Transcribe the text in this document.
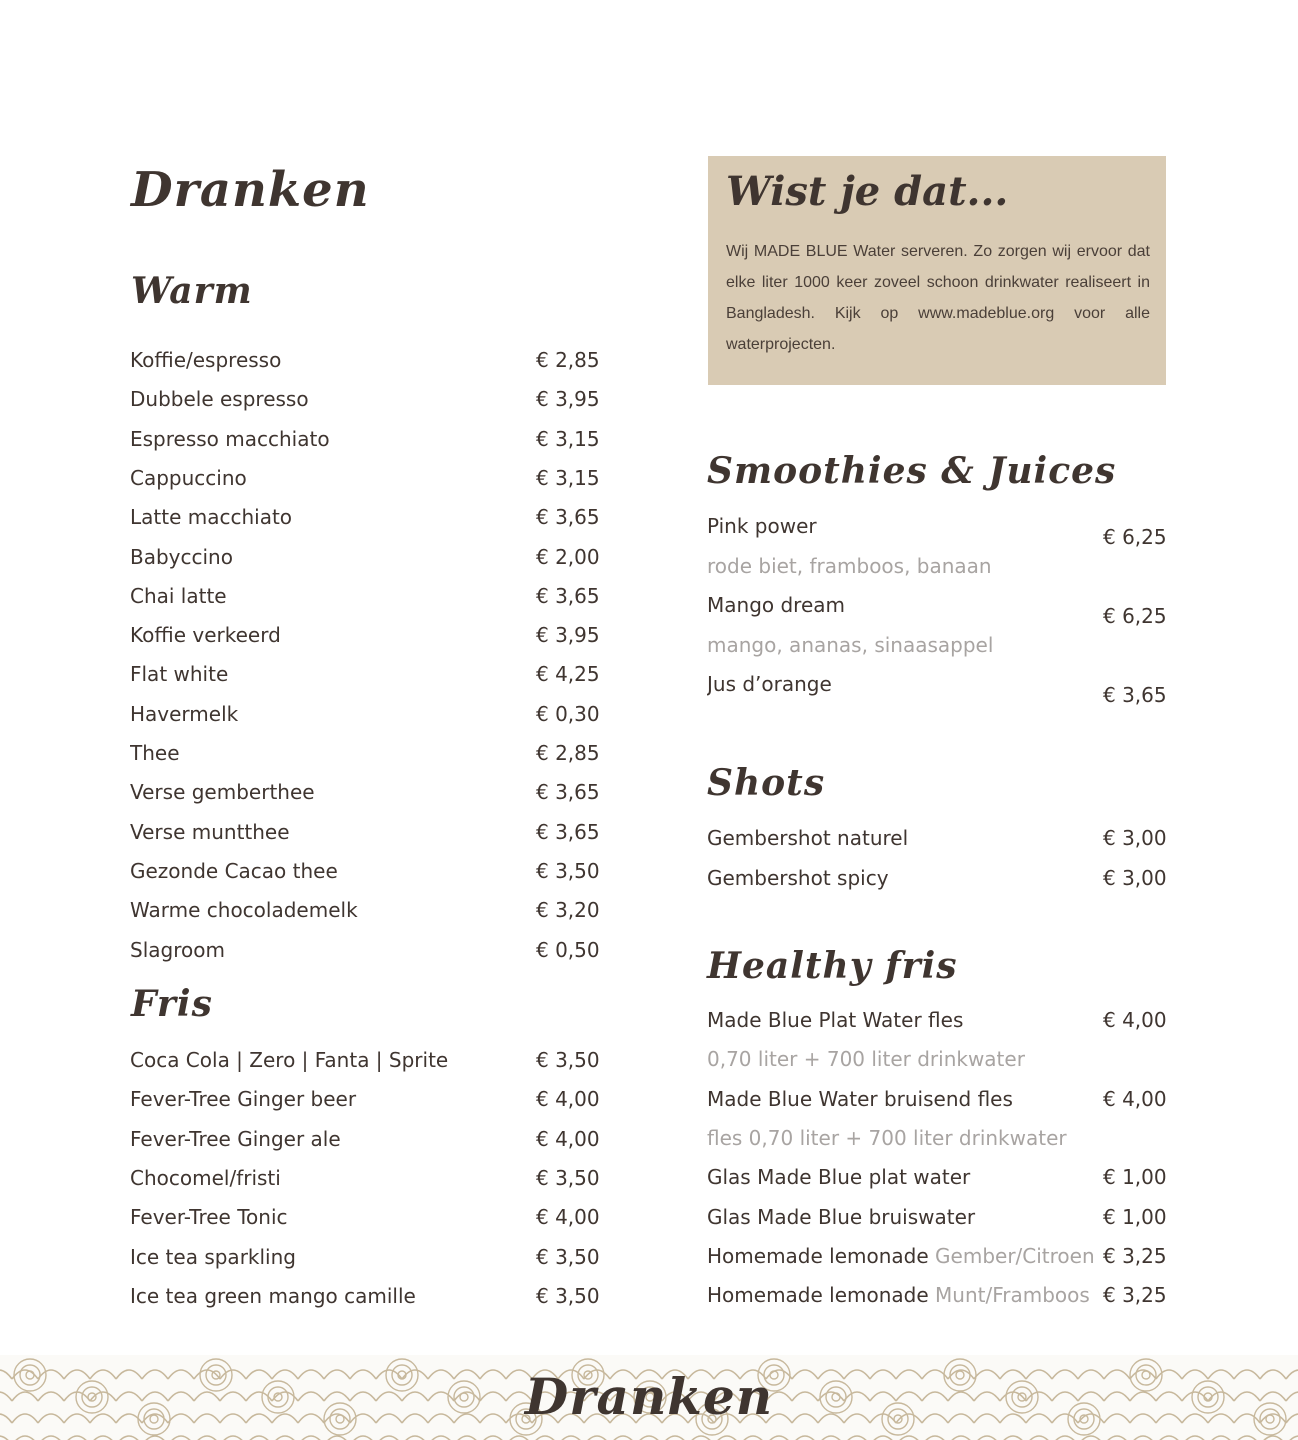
Dranken
Warm
Koffie/espresso	€ 2,85
Dubbele espresso	€ 3,95
Espresso macchiato	€ 3,15
Cappuccino	€ 3,15
Latte macchiato	€ 3,65
Babyccino	€ 2,00
Chai latte	€ 3,65
Koffie verkeerd	€ 3,95
Flat white	€ 4,25
Havermelk	€ 0,30
Thee	€ 2,85
Verse gemberthee	€ 3,65
Verse muntthee	€ 3,65
Gezonde Cacao thee	€ 3,50
Warme chocolademelk	€ 3,20
Slagroom	€ 0,50
Fris
Coca Cola | Zero | Fanta | Sprite	€ 3,50
Fever-Tree Ginger beer	€ 4,00
Fever-Tree Ginger ale	€ 4,00
Chocomel/fristi	€ 3,50
Fever-Tree Tonic	€ 4,00
Ice tea sparkling	€ 3,50
Ice tea green mango camille	€ 3,50
Wist je dat...
Wij MADE BLUE Water serveren. Zo zorgen wij ervoor dat elke liter 1000 keer zoveel schoon drinkwater realiseert in Bangladesh. Kijk op www.madeblue.org voor alle waterprojecten.
Smoothies & Juices
Pink power
rode biet, framboos, banaan
€ 6,25
Mango dream
mango, ananas, sinaasappel
€ 6,25
Jus d’orange	€ 3,65
Shots
Gembershot naturel	€ 3,00
Gembershot spicy	€ 3,00
Healthy fris
Made Blue Plat Water fles	€ 4,00
0,70 liter + 700 liter drinkwater
Made Blue Water bruisend fles	€ 4,00
fles 0,70 liter + 700 liter drinkwater
Glas Made Blue plat water	€ 1,00
Glas Made Blue bruiswater	€ 1,00
Homemade lemonade Gember/Citroen € 3,25
Homemade lemonade Munt/Framboos € 3,25
Dranken
